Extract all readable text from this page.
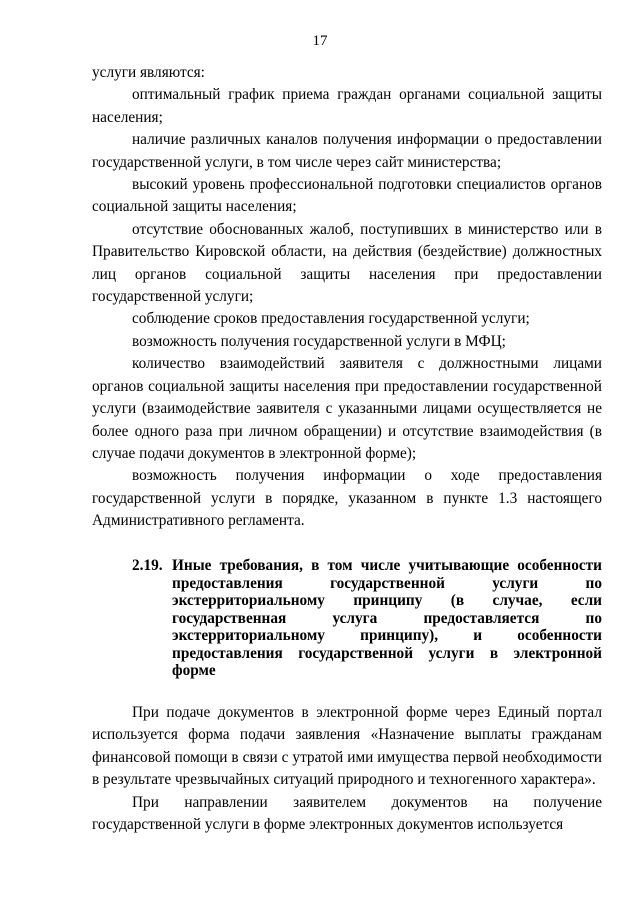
17

услуги являются:

оптимальный график приема граждан органами социальной защиты населения;

наличие различных каналов получения информации о предоставлении государственной услуги, в том числе через сайт министерства;

высокий уровень профессиональной подготовки специалистов органов социальной защиты населения;

отсутствие обоснованных жалоб, поступивших в министерство или в Правительство Кировской области, на действия (бездействие) должностных лиц органов социальной защиты населения при предоставлении государственной услуги;

соблюдение сроков предоставления государственной услуги;

возможность получения государственной услуги в МФЦ;

количество взаимодействий заявителя с должностными лицами органов социальной защиты населения при предоставлении государственной услуги (взаимодействие заявителя с указанными лицами осуществляется не более одного раза при личном обращении) и отсутствие взаимодействия (в случае подачи документов в электронной форме);

возможность получения информации о ходе предоставления государственной услуги в порядке, указанном в пункте 1.3 настоящего Административного регламента.

2.19. Иные требования, в том числе учитывающие особенности предоставления государственной услуги по экстерриториальному принципу (в случае, если государственная услуга предоставляется по экстерриториальному принципу), и особенности предоставления государственной услуги в электронной форме

При подаче документов в электронной форме через Единый портал используется форма подачи заявления «Назначение выплаты гражданам финансовой помощи в связи с утратой ими имущества первой необходимости в результате чрезвычайных ситуаций природного и техногенного характера».

При направлении заявителем документов на получение государственной услуги в форме электронных документов используется
